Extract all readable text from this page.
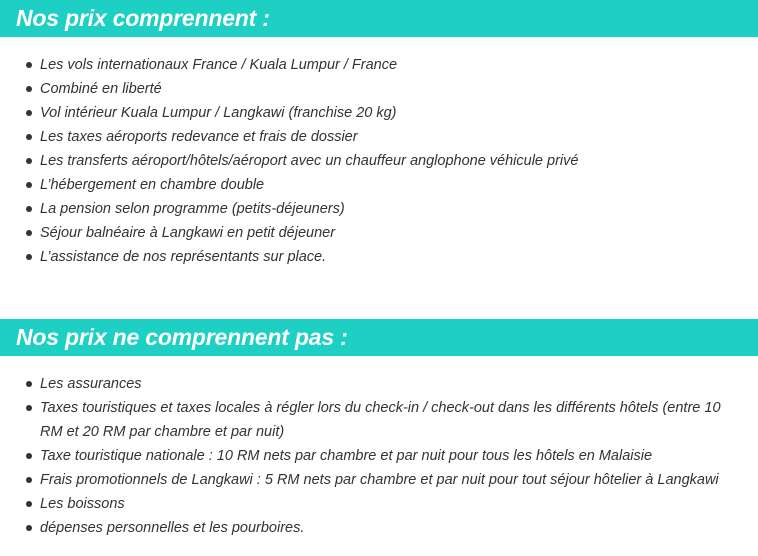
Nos prix comprennent :
Les vols internationaux France / Kuala Lumpur / France
Combiné en liberté
Vol intérieur Kuala Lumpur / Langkawi (franchise 20 kg)
Les taxes aéroports redevance et frais de dossier
Les transferts aéroport/hôtels/aéroport avec un chauffeur anglophone véhicule privé
L’hébergement en chambre double
La pension selon programme (petits-déjeuners)
Séjour balnéaire à Langkawi en petit déjeuner
L’assistance de nos représentants sur place.
Nos prix ne comprennent pas :
Les assurances
Taxes touristiques et taxes locales à régler lors du check-in / check-out dans les différents hôtels (entre 10 RM et 20 RM par chambre et par nuit)
Taxe touristique nationale : 10 RM nets par chambre et par nuit pour tous les hôtels en Malaisie
Frais promotionnels de Langkawi : 5 RM nets par chambre et par nuit pour tout séjour hôtelier à Langkawi
Les boissons
dépenses personnelles et les pourboires.
